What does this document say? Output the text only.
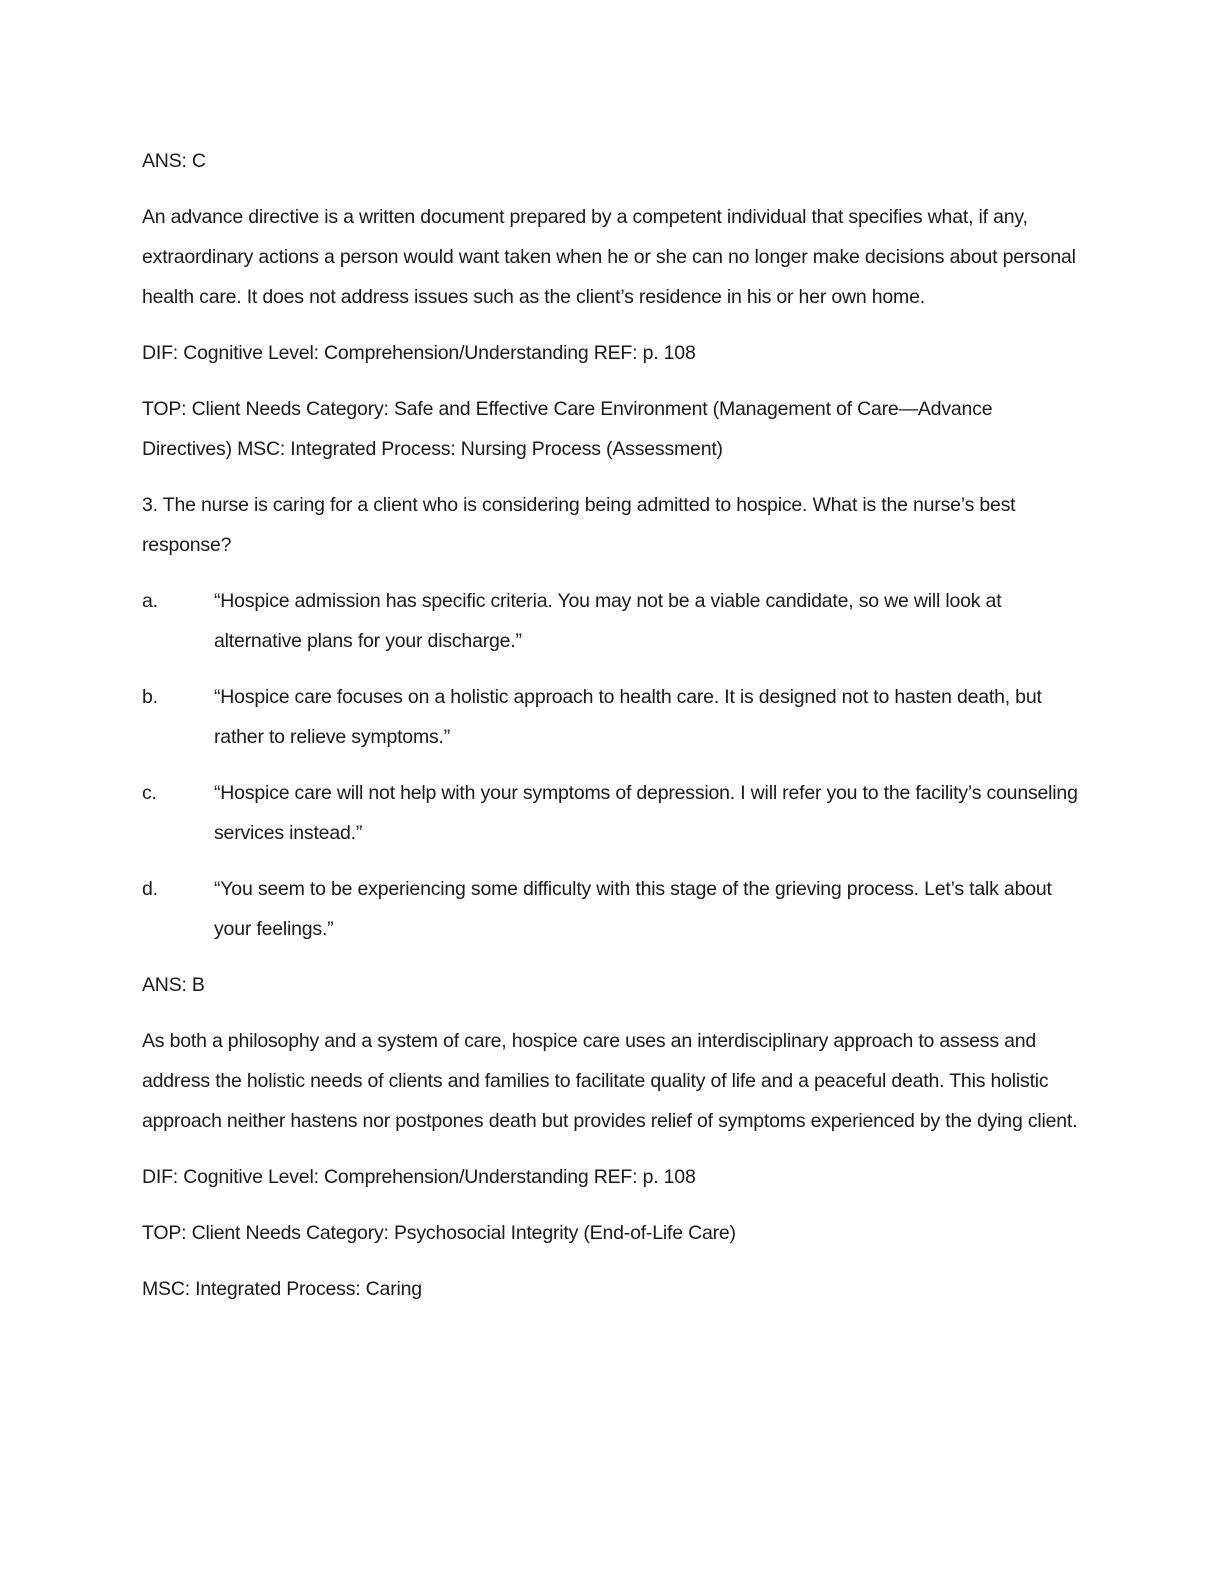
ANS: C

An advance directive is a written document prepared by a competent individual that specifies what, if any, extraordinary actions a person would want taken when he or she can no longer make decisions about personal health care. It does not address issues such as the client’s residence in his or her own home.

DIF: Cognitive Level: Comprehension/Understanding REF: p. 108

TOP: Client Needs Category: Safe and Effective Care Environment (Management of Care—Advance Directives) MSC: Integrated Process: Nursing Process (Assessment)

3. The nurse is caring for a client who is considering being admitted to hospice. What is the nurse’s best response?

a.	“Hospice admission has specific criteria. You may not be a viable candidate, so we will look at alternative plans for your discharge.”
b.	“Hospice care focuses on a holistic approach to health care. It is designed not to hasten death, but rather to relieve symptoms.”
c.	“Hospice care will not help with your symptoms of depression. I will refer you to the facility’s counseling services instead.”
d.	“You seem to be experiencing some difficulty with this stage of the grieving process. Let’s talk about your feelings.”

ANS: B

As both a philosophy and a system of care, hospice care uses an interdisciplinary approach to assess and address the holistic needs of clients and families to facilitate quality of life and a peaceful death. This holistic approach neither hastens nor postpones death but provides relief of symptoms experienced by the dying client.

DIF: Cognitive Level: Comprehension/Understanding REF: p. 108

TOP: Client Needs Category: Psychosocial Integrity (End-of-Life Care)

MSC: Integrated Process: Caring
